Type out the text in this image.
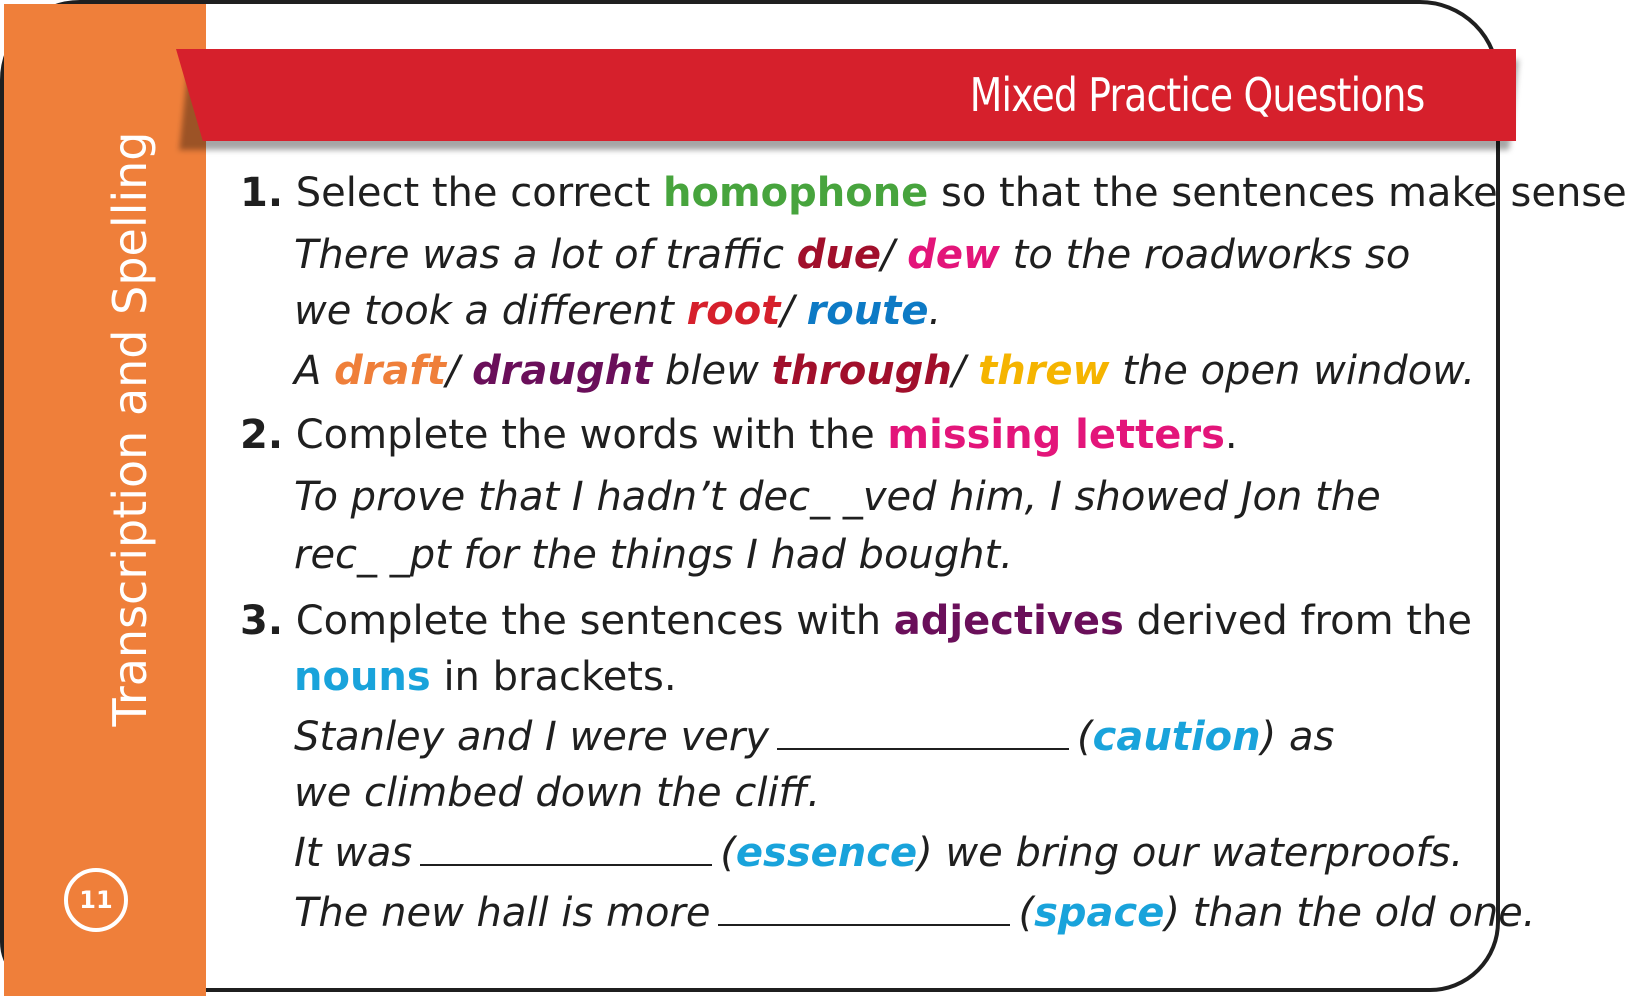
Transcription and Spelling
11
Mixed Practice Questions
1. Select the correct homophone so that the sentences make sense
There was a lot of traffic due/ dew to the roadworks so
we took a different root/ route.
A draft/ draught blew through/ threw the open window.
2. Complete the words with the missing letters.
To prove that I hadn’t dec_ _ved him, I showed Jon the
rec_ _pt for the things I had bought.
3. Complete the sentences with adjectives derived from the
nouns in brackets.
Stanley and I were very	(caution) as
we climbed down the cliff.
It was	(essence) we bring our waterproofs.
The new hall is more	(space) than the old one.
